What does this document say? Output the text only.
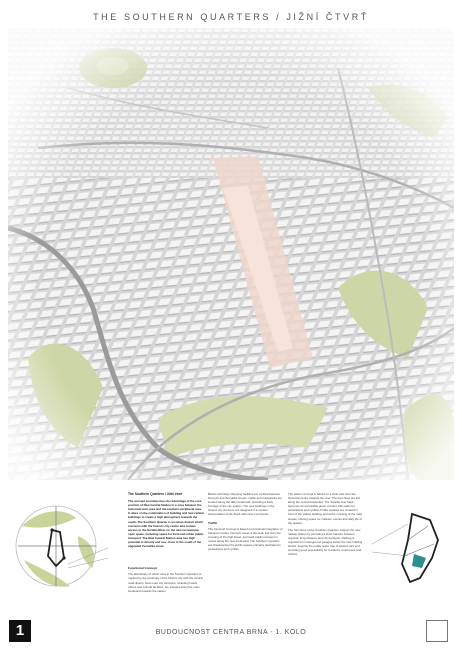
THE SOUTHERN QUARTERS / JIŽNÍ ČTVRŤ
The Southern Quarters / Jižní čtvrť

The concept counterpoises the advantage of the core position of New Central Station in a zone between the historical town area and the southern peripheral area. It relies on the combination of building and new radical buildings to create a high atmosphere towards the south. The Southern Quarter is an urban district which connects with the historic city centre and creates access to the Svratka River on the new recreational open space, including space for local and urban public transport. The New Central Station area has high potential in density and use, close to the south of the upgraded Zvonařka street.

Functional Concept

The distribution of urban uses in the Southern Quarters is marked by the continuity of the historic city with the central retail district. New inner city functions, including hotels, offices and cultural facilities, are situated along the main boulevard towards the station.

Blocks with large shopping facilities are located between Dornych and Zvonařka streets. Cafés and restaurants are located along the daily boulevard, providing a lively frontage of the city quarter. The new buildings in the historic city structure are designed in a modern interpretation of the block with inner courtyards.

Traffic

The transport concept is based on functional integration of transport modes. Dornych street is the main link from the crossing of the high street, and local public transport is routed along the new boulevard. The Southern Quarters are characterised by public spaces primarily dedicated to pedestrians and cyclists.

The station concept is based on a clear axis from the historical centre towards the river. The tram lines are led along the central boulevard. The Svratka river bank becomes an accessible green corridor with paths for pedestrians and cyclists. Public squares are created in front of the station building and at the crossing of the main streets, offering space for markets, events and daily life of the quarter.

The tram lines of the Southern Quarters support the new railway station by providing a short transfer between regional, long-distance and city transport. Parking is organised in underground garages below the new building blocks, keeping the public realm free of parked cars and providing good accessibility for residents, employees and visitors.

1	BUDOUCNOST CENTRA BRNA - 1. KOLO
